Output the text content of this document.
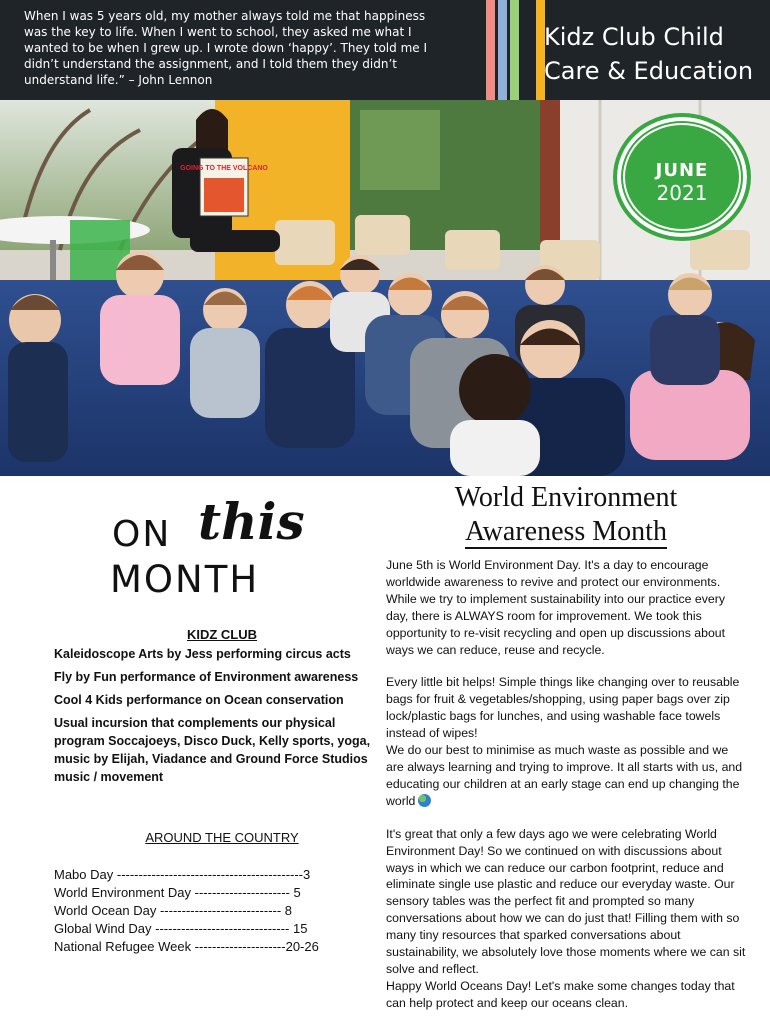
When I was 5 years old, my mother always told me that happiness was the key to life. When I went to school, they asked me what I wanted to be when I grew up. I wrote down ‘happy’. They told me I didn’t understand the assignment, and I told them they didn’t understand life.” – John Lennon
Kidz Club Child
Care & Education
GOING TO THE VOLCANO	JUNE
2021
ON this
MONTH
KIDZ CLUB
Kaleidoscope Arts by Jess performing circus acts
Fly by Fun performance of Environment awareness
Cool 4 Kids performance on Ocean conservation
Usual incursion that complements our physical program Soccajoeys, Disco Duck, Kelly sports, yoga, music by Elijah, Viadance and Ground Force Studios music / movement
AROUND THE COUNTRY
Mabo Day -------------------------------------------3
World Environment Day ---------------------- 5
World Ocean Day ---------------------------- 8
Global Wind Day ------------------------------- 15
National Refugee Week ---------------------20-26
World Environment
Awareness Month

June 5th is World Environment Day. It's a day to encourage worldwide awareness to revive and protect our environments. While we try to implement sustainability into our practice every day, there is ALWAYS room for improvement. We took this opportunity to re-visit recycling and open up discussions about ways we can reduce, reuse and recycle.

Every little bit helps! Simple things like changing over to reusable bags for fruit & vegetables/shopping, using paper bags over zip lock/plastic bags for lunches, and using washable face towels instead of wipes!

We do our best to minimise as much waste as possible and we are always learning and trying to improve. It all starts with us, and educating our children at an early stage can end up changing the world

It's great that only a few days ago we were celebrating World Environment Day! So we continued on with discussions about ways in which we can reduce our carbon footprint, reduce and eliminate single use plastic and reduce our everyday waste. Our sensory tables was the perfect fit and prompted so many conversations about how we can do just that! Filling them with so many tiny resources that sparked conversations about sustainability, we absolutely love those moments where we can sit solve and reflect.

Happy World Oceans Day! Let's make some changes today that can help protect and keep our oceans clean.
